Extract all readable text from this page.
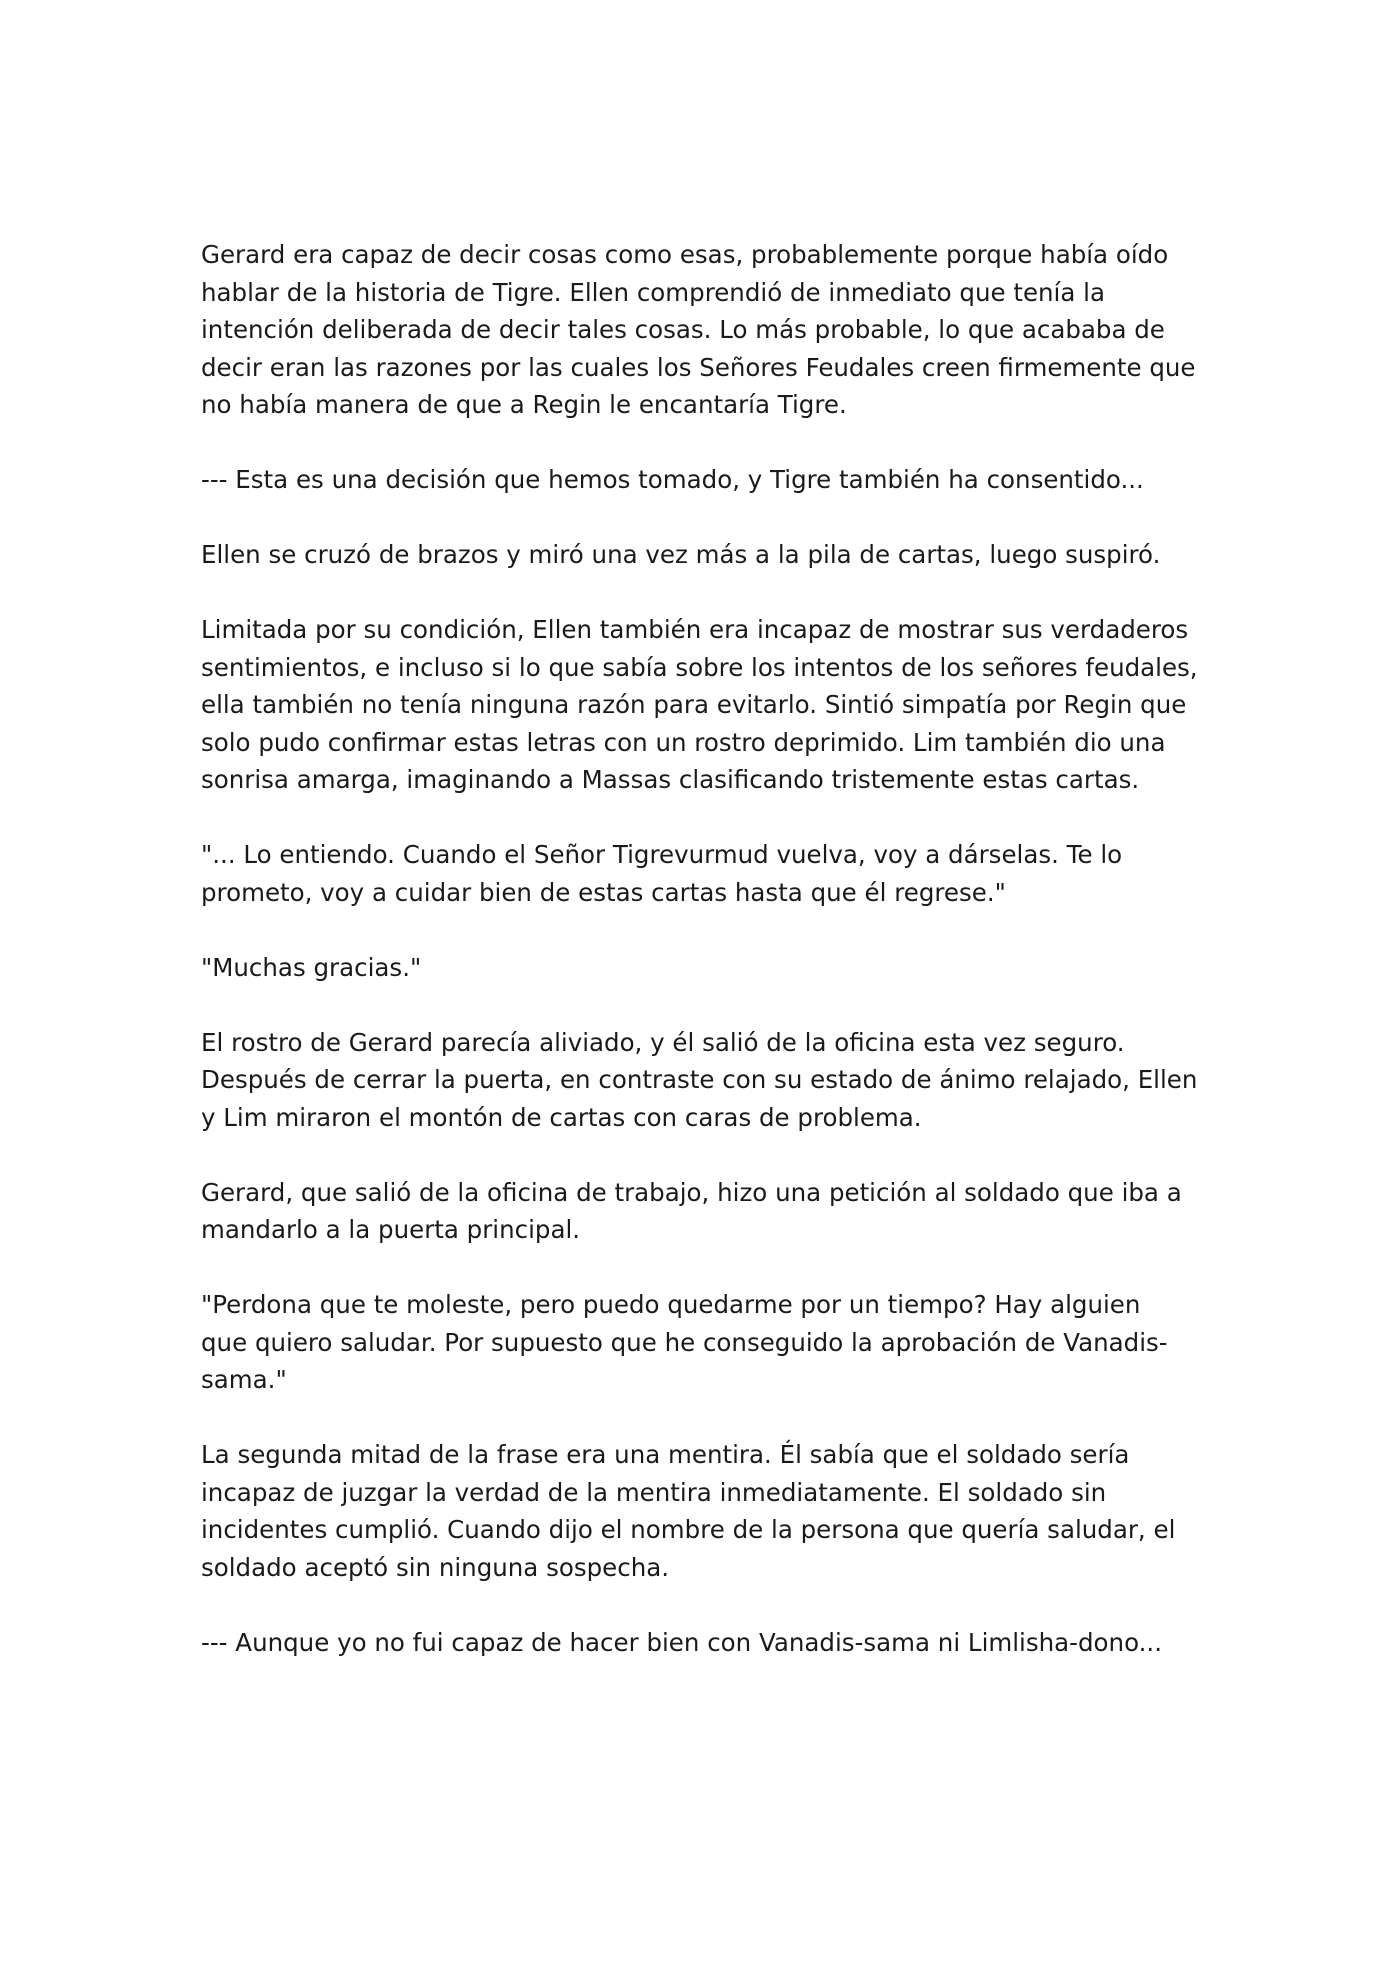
Gerard era capaz de decir cosas como esas, probablemente porque había oído
hablar de la historia de Tigre. Ellen comprendió de inmediato que tenía la
intención deliberada de decir tales cosas. Lo más probable, lo que acababa de
decir eran las razones por las cuales los Señores Feudales creen firmemente que
no había manera de que a Regin le encantaría Tigre.

--- Esta es una decisión que hemos tomado, y Tigre también ha consentido...

Ellen se cruzó de brazos y miró una vez más a la pila de cartas, luego suspiró.

Limitada por su condición, Ellen también era incapaz de mostrar sus verdaderos
sentimientos, e incluso si lo que sabía sobre los intentos de los señores feudales,
ella también no tenía ninguna razón para evitarlo. Sintió simpatía por Regin que
solo pudo confirmar estas letras con un rostro deprimido. Lim también dio una
sonrisa amarga, imaginando a Massas clasificando tristemente estas cartas.

"... Lo entiendo. Cuando el Señor Tigrevurmud vuelva, voy a dárselas. Te lo
prometo, voy a cuidar bien de estas cartas hasta que él regrese."

"Muchas gracias."

El rostro de Gerard parecía aliviado, y él salió de la oficina esta vez seguro.
Después de cerrar la puerta, en contraste con su estado de ánimo relajado, Ellen
y Lim miraron el montón de cartas con caras de problema.

Gerard, que salió de la oficina de trabajo, hizo una petición al soldado que iba a
mandarlo a la puerta principal.

"Perdona que te moleste, pero puedo quedarme por un tiempo? Hay alguien
que quiero saludar. Por supuesto que he conseguido la aprobación de Vanadis-
sama."

La segunda mitad de la frase era una mentira. Él sabía que el soldado sería
incapaz de juzgar la verdad de la mentira inmediatamente. El soldado sin
incidentes cumplió. Cuando dijo el nombre de la persona que quería saludar, el
soldado aceptó sin ninguna sospecha.

--- Aunque yo no fui capaz de hacer bien con Vanadis-sama ni Limlisha-dono...
